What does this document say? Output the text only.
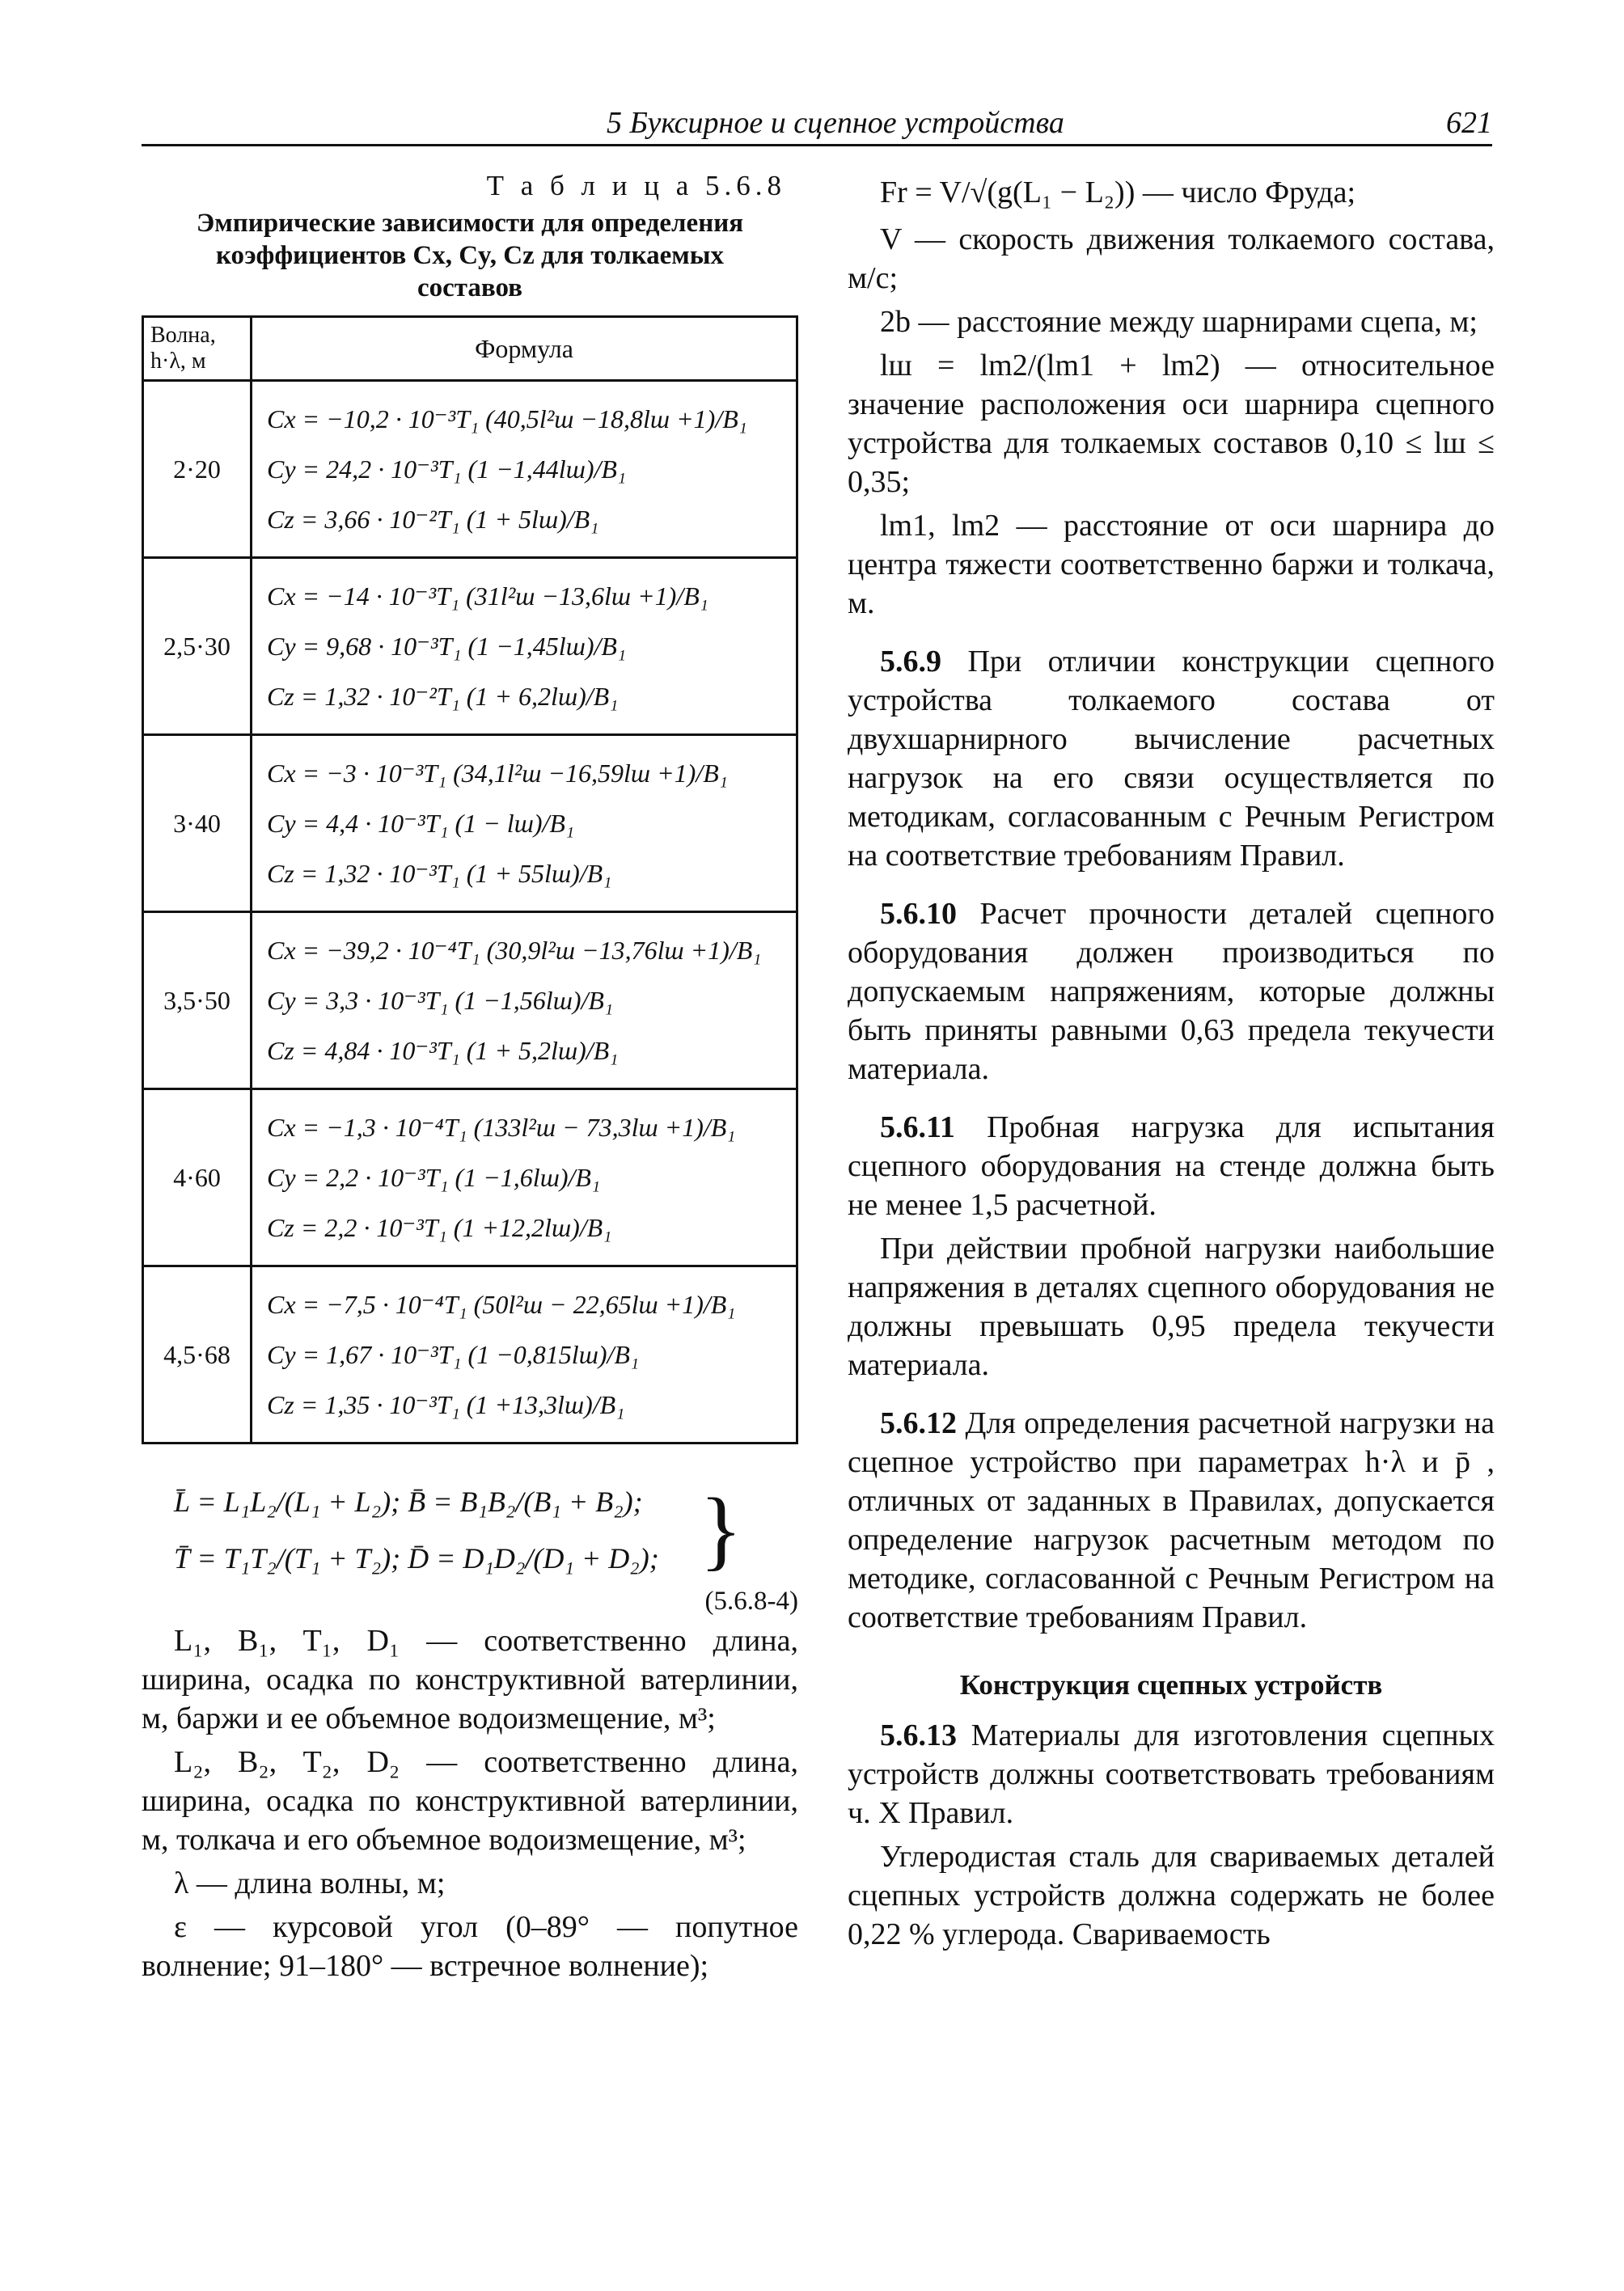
5 Буксирное и сцепное устройства	621
Т а б л и ц а 5.6.8
Эмпирические зависимости для определения коэффициентов Cx, Cy, Cz для толкаемых составов
Волна, h·λ, м	Формула
2·20	Cx = −10,2 · 10⁻³T₁ (40,5l²ш −18,8lш +1)/B₁
Cy = 24,2 · 10⁻³T₁ (1 −1,44lш)/B₁
Cz = 3,66 · 10⁻²T₁ (1 + 5lш)/B₁

2,5·30	Cx = −14 · 10⁻³T₁ (31l²ш −13,6lш +1)/B₁
Cy = 9,68 · 10⁻³T₁ (1 −1,45lш)/B₁
Cz = 1,32 · 10⁻²T₁ (1 + 6,2lш)/B₁

3·40	Cx = −3 · 10⁻³T₁ (34,1l²ш −16,59lш +1)/B₁
Cy = 4,4 · 10⁻³T₁ (1 − lш)/B₁
Cz = 1,32 · 10⁻³T₁ (1 + 55lш)/B₁

3,5·50	Cx = −39,2 · 10⁻⁴T₁ (30,9l²ш −13,76lш +1)/B₁
Cy = 3,3 · 10⁻³T₁ (1 −1,56lш)/B₁
Cz = 4,84 · 10⁻³T₁ (1 + 5,2lш)/B₁

4·60	Cx = −1,3 · 10⁻⁴T₁ (133l²ш − 73,3lш +1)/B₁
Cy = 2,2 · 10⁻³T₁ (1 −1,6lш)/B₁
Cz = 2,2 · 10⁻³T₁ (1 +12,2lш)/B₁

4,5·68	Cx = −7,5 · 10⁻⁴T₁ (50l²ш − 22,65lш +1)/B₁
Cy = 1,67 · 10⁻³T₁ (1 −0,815lш)/B₁
Cz = 1,35 · 10⁻³T₁ (1 +13,3lш)/B₁
L̄ = L₁L₂/(L₁ + L₂); B̄ = B₁B₂/(B₁ + B₂);
T̄ = T₁T₂/(T₁ + T₂); D̄ = D₁D₂/(D₁ + D₂); }
(5.6.8-4)

L₁, B₁, T₁, D₁ — соответственно длина, ширина, осадка по конструктивной ватерлинии, м, баржи и ее объемное водоизмещение, м³;

L₂, B₂, T₂, D₂ — соответственно длина, ширина, осадка по конструктивной ватерлинии, м, толкача и его объемное водоизмещение, м³;

λ — длина волны, м;

ε — курсовой угол (0–89° — попутное волнение; 91–180° — встречное волнение);

Fr = V/√(g(L₁ − L₂)) — число Фруда;

V — скорость движения толкаемого состава, м/с;

2b — расстояние между шарнирами сцепа, м;

lш = lm2/(lm1 + lm2) — относительное значение расположения оси шарнира сцепного устройства для толкаемых составов 0,10 ≤ lш ≤ 0,35;

lm1, lm2 — расстояние от оси шарнира до центра тяжести соответственно баржи и толкача, м.

5.6.9 При отличии конструкции сцепного устройства толкаемого состава от двухшарнирного вычисление расчетных нагрузок на его связи осуществляется по методикам, согласованным с Речным Регистром на соответствие требованиям Правил.

5.6.10 Расчет прочности деталей сцепного оборудования должен производиться по допускаемым напряжениям, которые должны быть приняты равными 0,63 предела текучести материала.

5.6.11 Пробная нагрузка для испытания сцепного оборудования на стенде должна быть не менее 1,5 расчетной.

При действии пробной нагрузки наибольшие напряжения в деталях сцепного оборудования не должны превышать 0,95 предела текучести материала.

5.6.12 Для определения расчетной нагрузки на сцепное устройство при параметрах h·λ и p̄ , отличных от заданных в Правилах, допускается определение нагрузок расчетным методом по методике, согласованной с Речным Регистром на соответствие требованиям Правил.

Конструкция сцепных устройств

5.6.13 Материалы для изготовления сцепных устройств должны соответствовать требованиям ч. X Правил.

Углеродистая сталь для свариваемых деталей сцепных устройств должна содержать не более 0,22 % углерода. Свариваемость
